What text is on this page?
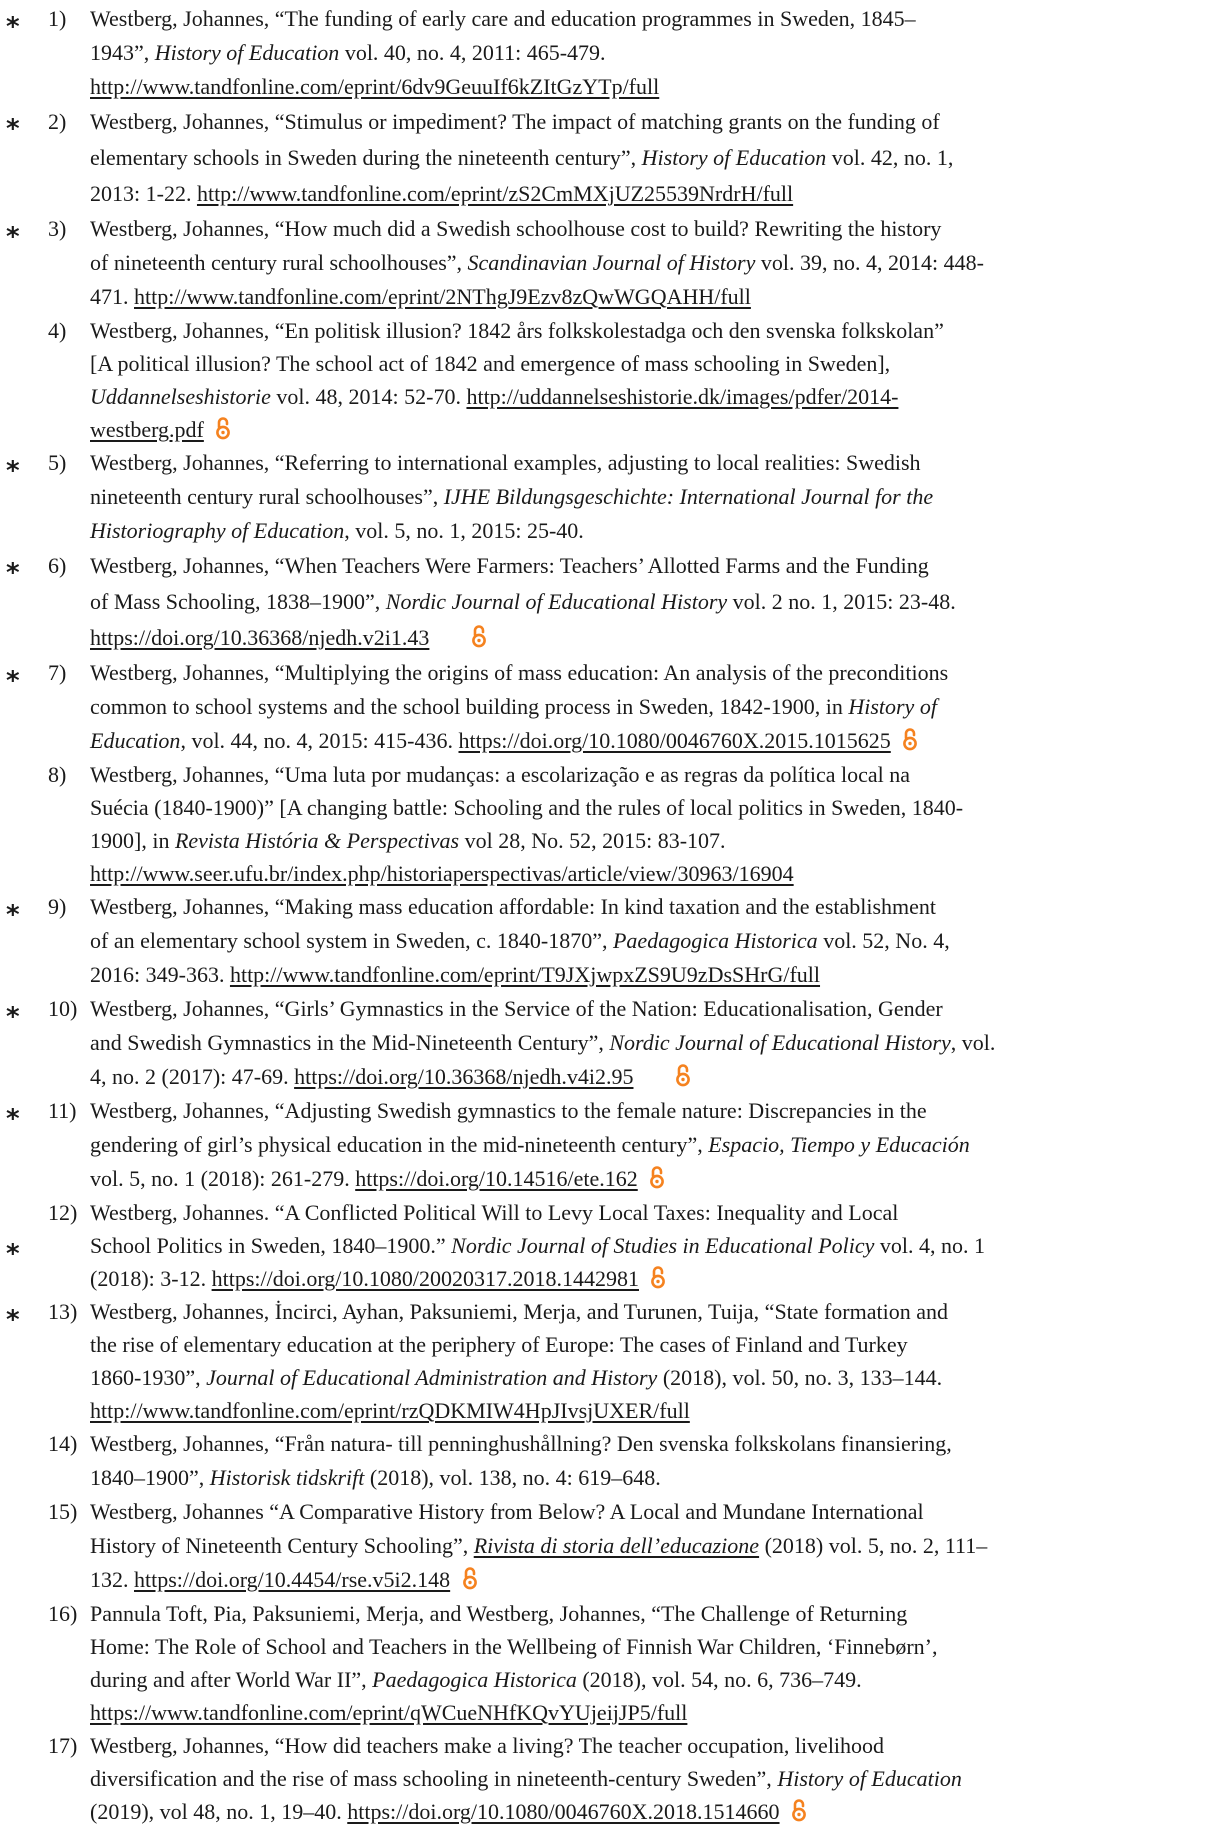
* 1) Westberg, Johannes, “The funding of early care and education programmes in Sweden, 1845–
1943”, History of Education vol. 40, no. 4, 2011: 465-479.
http://www.tandfonline.com/eprint/6dv9GeuuIf6kZItGzYTp/full
* 2) Westberg, Johannes, “Stimulus or impediment? The impact of matching grants on the funding of
elementary schools in Sweden during the nineteenth century”, History of Education vol. 42, no. 1,
2013: 1-22. http://www.tandfonline.com/eprint/zS2CmMXjUZ25539NrdrH/full
* 3) Westberg, Johannes, “How much did a Swedish schoolhouse cost to build? Rewriting the history
of nineteenth century rural schoolhouses”, Scandinavian Journal of History vol. 39, no. 4, 2014: 448-
471. http://www.tandfonline.com/eprint/2NThgJ9Ezv8zQwWGQAHH/full
4) Westberg, Johannes, “En politisk illusion? 1842 års folkskolestadga och den svenska folkskolan”
[A political illusion? The school act of 1842 and emergence of mass schooling in Sweden],
Uddannelseshistorie vol. 48, 2014: 52-70. http://uddannelseshistorie.dk/images/pdfer/2014-
westberg.pdf
* 5) Westberg, Johannes, “Referring to international examples, adjusting to local realities: Swedish
nineteenth century rural schoolhouses”, IJHE Bildungsgeschichte: International Journal for the
Historiography of Education, vol. 5, no. 1, 2015: 25-40.
* 6) Westberg, Johannes, “When Teachers Were Farmers: Teachers’ Allotted Farms and the Funding
of Mass Schooling, 1838–1900”, Nordic Journal of Educational History vol. 2 no. 1, 2015: 23-48.
https://doi.org/10.36368/njedh.v2i1.43
* 7) Westberg, Johannes, “Multiplying the origins of mass education: An analysis of the preconditions
common to school systems and the school building process in Sweden, 1842-1900, in History of
Education, vol. 44, no. 4, 2015: 415-436. https://doi.org/10.1080/0046760X.2015.1015625
8) Westberg, Johannes, “Uma luta por mudanças: a escolarização e as regras da política local na
Suécia (1840-1900)” [A changing battle: Schooling and the rules of local politics in Sweden, 1840-
1900], in Revista História & Perspectivas vol 28, No. 52, 2015: 83-107.
http://www.seer.ufu.br/index.php/historiaperspectivas/article/view/30963/16904
* 9) Westberg, Johannes, “Making mass education affordable: In kind taxation and the establishment
of an elementary school system in Sweden, c. 1840-1870”, Paedagogica Historica vol. 52, No. 4,
2016: 349-363. http://www.tandfonline.com/eprint/T9JXjwpxZS9U9zDsSHrG/full
* 10) Westberg, Johannes, “Girls’ Gymnastics in the Service of the Nation: Educationalisation, Gender
and Swedish Gymnastics in the Mid-Nineteenth Century”, Nordic Journal of Educational History, vol.
4, no. 2 (2017): 47-69. https://doi.org/10.36368/njedh.v4i2.95
* 11) Westberg, Johannes, “Adjusting Swedish gymnastics to the female nature: Discrepancies in the
gendering of girl’s physical education in the mid-nineteenth century”, Espacio, Tiempo y Educación
vol. 5, no. 1 (2018): 261-279. https://doi.org/10.14516/ete.162
*
12) Westberg, Johannes. “A Conflicted Political Will to Levy Local Taxes: Inequality and Local
School Politics in Sweden, 1840–1900.” Nordic Journal of Studies in Educational Policy vol. 4, no. 1
(2018): 3-12. https://doi.org/10.1080/20020317.2018.1442981
* 13) Westberg, Johannes, İncirci, Ayhan, Paksuniemi, Merja, and Turunen, Tuija, “State formation and
the rise of elementary education at the periphery of Europe: The cases of Finland and Turkey
1860-1930”, Journal of Educational Administration and History (2018), vol. 50, no. 3, 133–144.
http://www.tandfonline.com/eprint/rzQDKMIW4HpJIvsjUXER/full
14) Westberg, Johannes, “Från natura- till penninghushållning? Den svenska folkskolans finansiering,
1840–1900”, Historisk tidskrift (2018), vol. 138, no. 4: 619–648.
15) Westberg, Johannes “A Comparative History from Below? A Local and Mundane International
History of Nineteenth Century Schooling”, Rivista di storia dell’educazione (2018) vol. 5, no. 2, 111–
132. https://doi.org/10.4454/rse.v5i2.148
16) Pannula Toft, Pia, Paksuniemi, Merja, and Westberg, Johannes, “The Challenge of Returning
Home: The Role of School and Teachers in the Wellbeing of Finnish War Children, ‘Finnebørn’,
during and after World War II”, Paedagogica Historica (2018), vol. 54, no. 6, 736–749.
https://www.tandfonline.com/eprint/qWCueNHfKQvYUjeijJP5/full
17) Westberg, Johannes, “How did teachers make a living? The teacher occupation, livelihood
diversification and the rise of mass schooling in nineteenth-century Sweden”, History of Education
(2019), vol 48, no. 1, 19–40. https://doi.org/10.1080/0046760X.2018.1514660
